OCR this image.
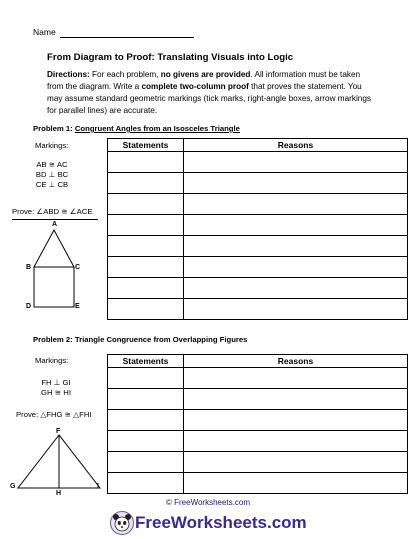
Name
From Diagram to Proof: Translating Visuals into Logic
Directions: For each problem, no givens are provided. All information must be taken from the diagram. Write a complete two-column proof that proves the statement. You may assume standard geometric markings (tick marks, right-angle boxes, arrow markings for parallel lines) are accurate.
Problem 1: Congruent Angles from an Isosceles Triangle
Markings:
AB ≅ AC
BD ⊥ BC
CE ⊥ CB
Prove: ∠ABD ≅ ∠ACE
A
B	C
D	E
Statements	Reasons

Problem 2: Triangle Congruence from Overlapping Figures
Markings:
FH ⊥ GI
GH ≅ HI
Prove: △FHG ≅ △FHI
F
G
H
I
Statements	Reasons

© FreeWorksheets.com
FreeWorksheets.com
